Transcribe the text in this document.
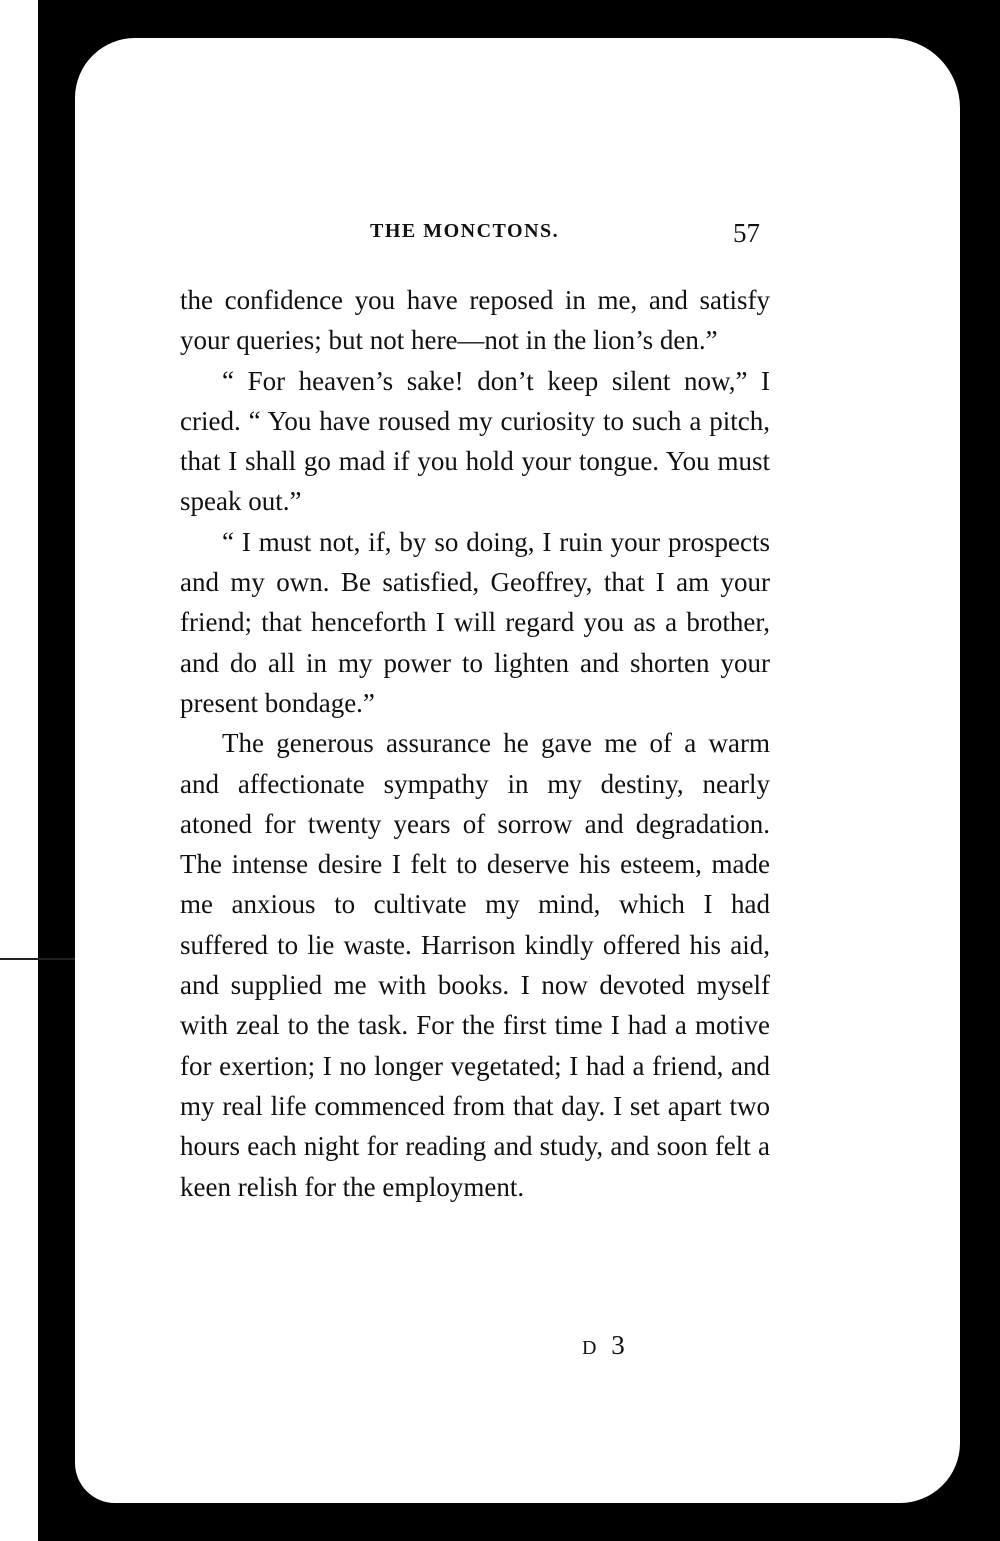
THE MONCTONS.	57

the confidence you have reposed in me, and satisfy your queries; but not here—not in the lion’s den.”

“ For heaven’s sake! don’t keep silent now,” I cried. “ You have roused my curiosity to such a pitch, that I shall go mad if you hold your tongue. You must speak out.”

“ I must not, if, by so doing, I ruin your prospects and my own. Be satisfied, Geoffrey, that I am your friend; that henceforth I will regard you as a brother, and do all in my power to lighten and shorten your present bondage.”

The generous assurance he gave me of a warm and affectionate sympathy in my destiny, nearly atoned for twenty years of sorrow and degradation. The intense desire I felt to deserve his esteem, made me anxious to cultivate my mind, which I had suffered to lie waste. Harrison kindly offered his aid, and supplied me with books. I now devoted myself with zeal to the task. For the first time I had a motive for exertion; I no longer vegetated; I had a friend, and my real life commenced from that day. I set apart two hours each night for reading and study, and soon felt a keen relish for the employment.

D 3
